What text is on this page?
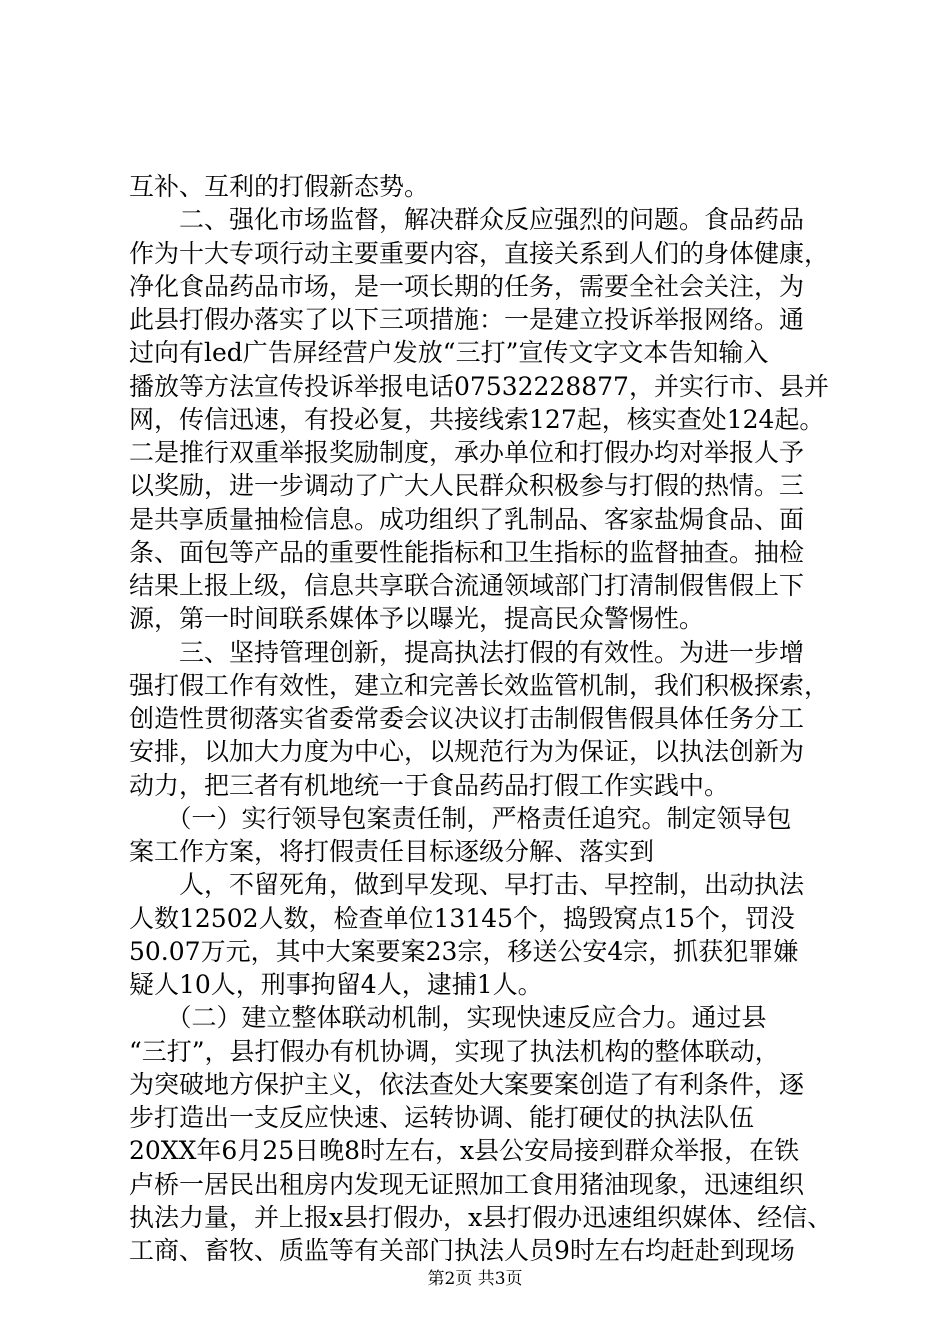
互补、互利的打假新态势。
　　二、强化市场监督，解决群众反应强烈的问题。食品药品
作为十大专项行动主要重要内容，直接关系到人们的身体健康，
净化食品药品市场，是一项长期的任务，需要全社会关注，为
此县打假办落实了以下三项措施：一是建立投诉举报网络。通
过向有led广告屏经营户发放“三打”宣传文字文本告知输入
播放等方法宣传投诉举报电话07532228877，并实行市、县并
网，传信迅速，有投必复，共接线索127起，核实查处124起。
二是推行双重举报奖励制度，承办单位和打假办均对举报人予
以奖励，进一步调动了广大人民群众积极参与打假的热情。三
是共享质量抽检信息。成功组织了乳制品、客家盐焗食品、面
条、面包等产品的重要性能指标和卫生指标的监督抽查。抽检
结果上报上级，信息共享联合流通领域部门打清制假售假上下
源，第一时间联系媒体予以曝光，提高民众警惕性。
　　三、坚持管理创新，提高执法打假的有效性。为进一步增
强打假工作有效性，建立和完善长效监管机制，我们积极探索，
创造性贯彻落实省委常委会议决议打击制假售假具体任务分工
安排，以加大力度为中心，以规范行为为保证，以执法创新为
动力，把三者有机地统一于食品药品打假工作实践中。
　　（一）实行领导包案责任制，严格责任追究。制定领导包
案工作方案，将打假责任目标逐级分解、落实到
　　人，不留死角，做到早发现、早打击、早控制，出动执法
人数12502人数，检查单位13145个，捣毁窝点15个，罚没
50.07万元，其中大案要案23宗，移送公安4宗，抓获犯罪嫌
疑人10人，刑事拘留4人，逮捕1人。
　　（二）建立整体联动机制，实现快速反应合力。通过县
“三打”，县打假办有机协调，实现了执法机构的整体联动，
为突破地方保护主义，依法查处大案要案创造了有利条件，逐
步打造出一支反应快速、运转协调、能打硬仗的执法队伍
20XX年6月25日晚8时左右，x县公安局接到群众举报，在铁
卢桥一居民出租房内发现无证照加工食用猪油现象，迅速组织
执法力量，并上报x县打假办，x县打假办迅速组织媒体、经信、
工商、畜牧、质监等有关部门执法人员9时左右均赶赴到现场
第2页 共3页
